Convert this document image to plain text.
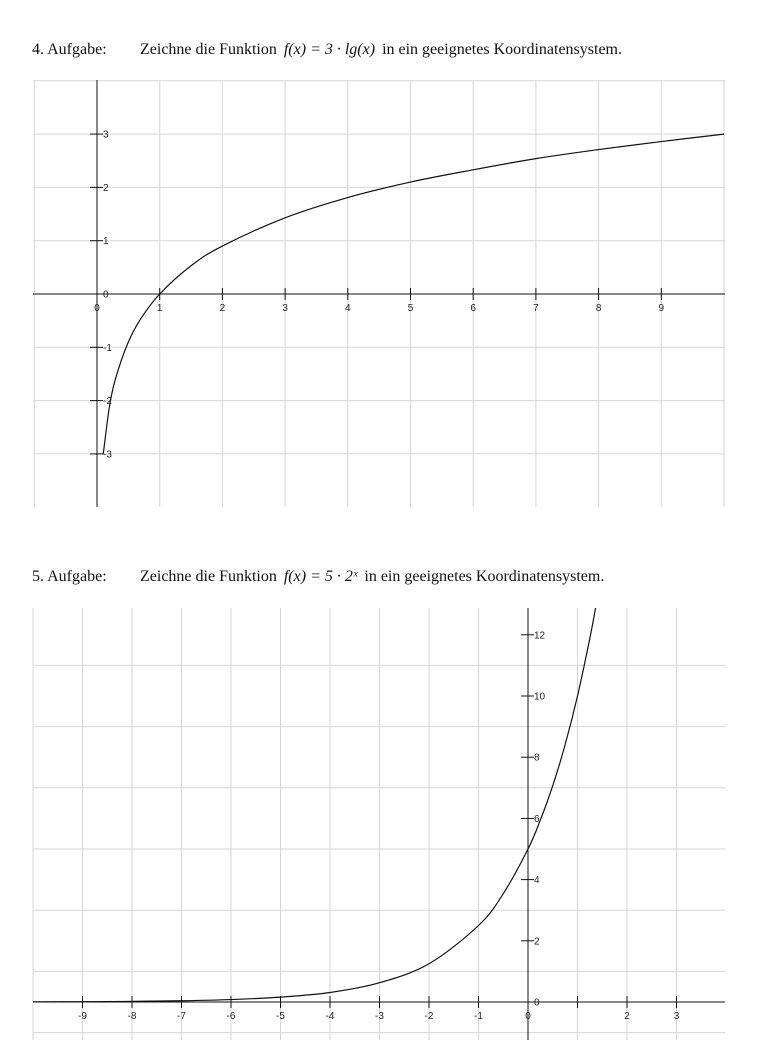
4. Aufgabe: Zeichne die Funktion f(x) = 3 · lg(x) in ein geeignetes Koordinatensystem.
0	1	2	3	4	5	6	7	8	9
-3
-2
-1
0
1
2
3
5. Aufgabe: Zeichne die Funktion f(x) = 5 · 2ˣ in ein geeignetes Koordinatensystem.
-9	-8	-7	-6	-5	-4	-3	-2	-1	0	2	3
0
2
4
6
8
10
12
